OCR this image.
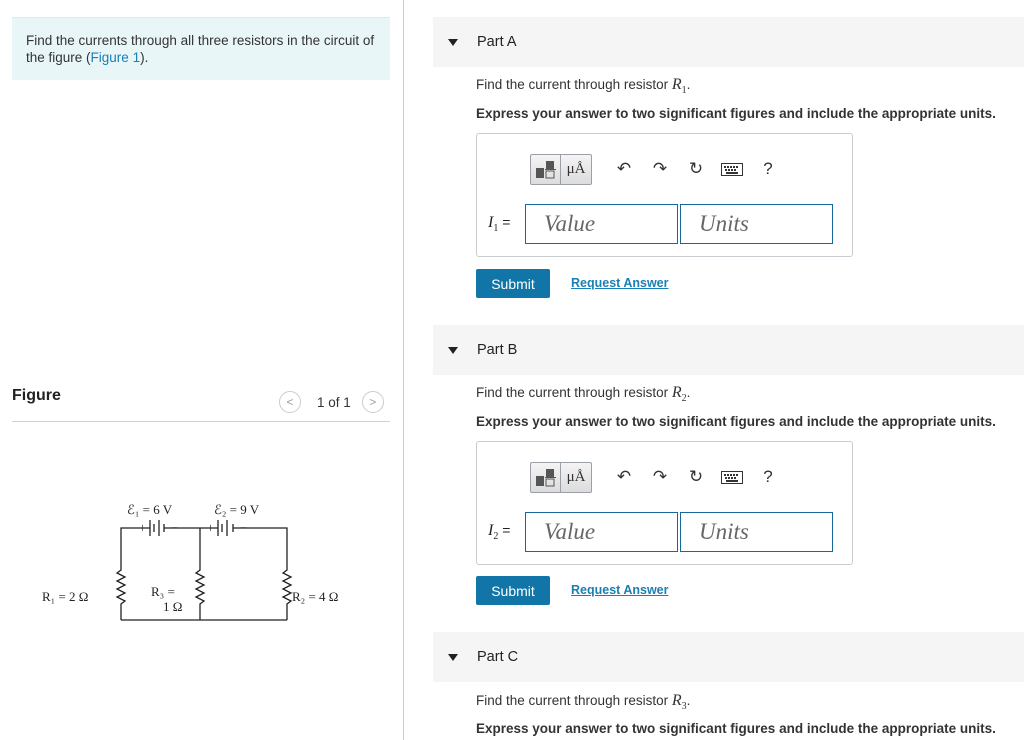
Find the currents through all three resistors in the circuit of the figure (Figure 1).
Figure	< 1 of 1 >
ℰ₁ = 6 V	ℰ₂ = 9 V
+ − + −
R₁ = 2 Ω	R₂ = 4 Ω
R₃ =
1 Ω
Part A
Find the current through resistor $R_1$.
Express your answer to two significant figures and include the appropriate units.
μÅ ↶ ↷ ↻	?
$I_1$ =	Value	Units
Submit	Request Answer
Part B
Find the current through resistor $R_2$.
Express your answer to two significant figures and include the appropriate units.
μÅ ↶ ↷ ↻	?
$I_2$ =	Value	Units
Submit	Request Answer
Part C
Find the current through resistor $R_3$.
Express your answer to two significant figures and include the appropriate units.
